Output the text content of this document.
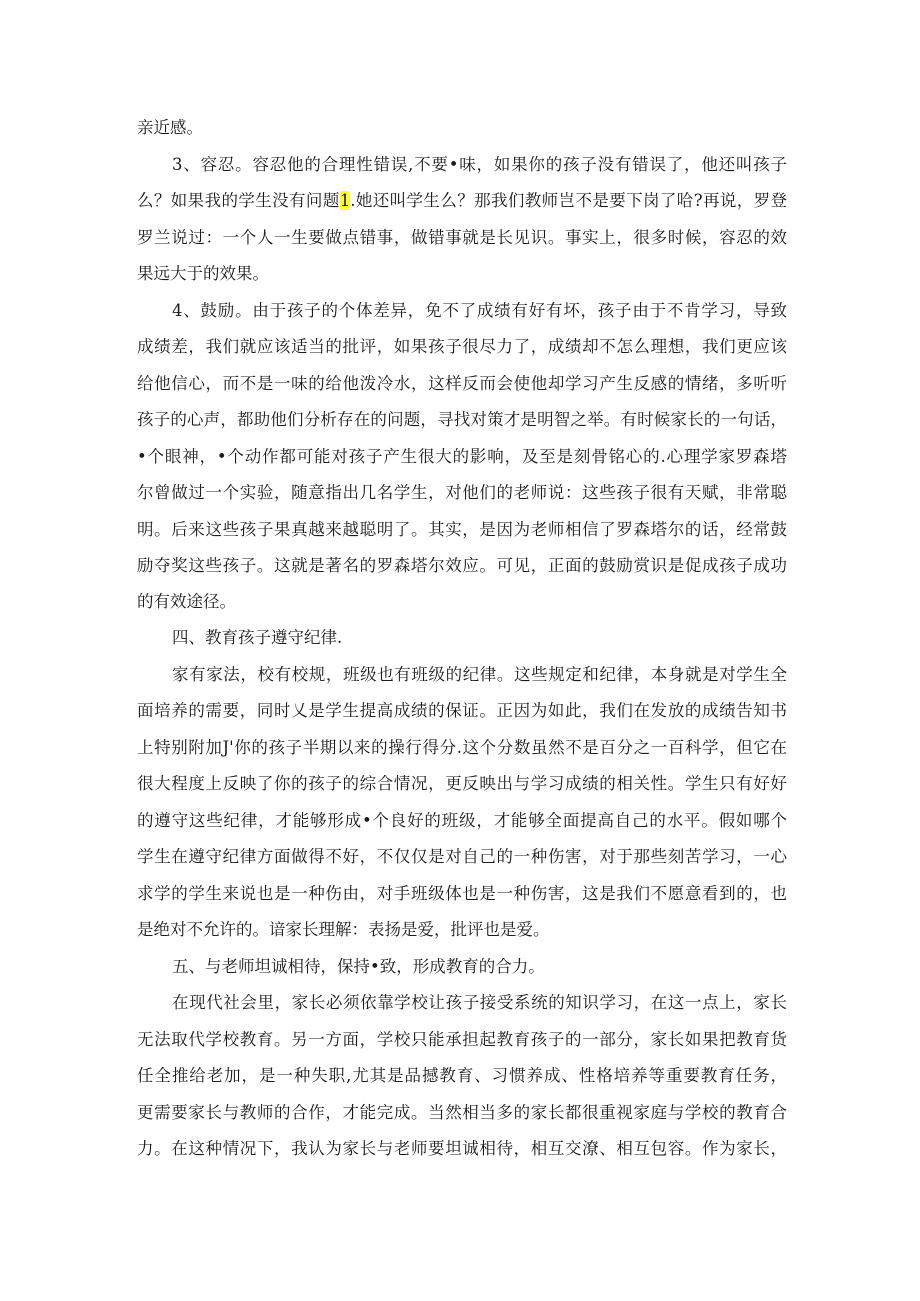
亲近感。
3、容忍。容忍他的合理性错误,不要•味，如果你的孩子没有错误了，他还叫孩子
么？如果我的学生没有问题1.她还叫学生么？那我们教师岂不是要下岗了哈?再说，罗登
罗兰说过：一个人一生要做点错事，做错事就是长见识。事实上，很多时候，容忍的效
果远大于的效果。
4、鼓励。由于孩子的个体差异，免不了成绩有好有坏，孩子由于不肯学习，导致
成绩差，我们就应该适当的批评，如果孩子很尽力了，成绩却不怎么理想，我们更应该
给他信心，而不是一味的给他泼冷水，这样反而会使他却学习产生反感的情绪，多听听
孩子的心声，都助他们分析存在的问题，寻找对策才是明智之举。有时候家长的一句话，
•个眼神，•个动作都可能对孩子产生很大的影响，及至是刻骨铭心的.心理学家罗森塔
尔曾做过一个实验，随意指出几名学生，对他们的老师说：这些孩子很有天赋，非常聪
明。后来这些孩子果真越来越聪明了。其实，是因为老师相信了罗森塔尔的话，经常鼓
励夺奖这些孩子。这就是著名的罗森塔尔效应。可见，正面的鼓励赏识是促成孩子成功
的有效途径。
四、教育孩子遵守纪律.
家有家法，校有校规，班级也有班级的纪律。这些规定和纪律，本身就是对学生全
面培养的需要，同时乂是学生提高成绩的保证。正因为如此，我们在发放的成绩告知书
上特别附加J'你的孩子半期以来的操行得分.这个分数虽然不是百分之一百科学，但它在
很大程度上反映了你的孩子的综合情况，更反映出与学习成绩的相关性。学生只有好好
的遵守这些纪律，才能够形成•个良好的班级，才能够全面提高自己的水平。假如哪个
学生在遵守纪律方面做得不好，不仅仅是对自己的一种伤害，对于那些刻苦学习，一心
求学的学生来说也是一种伤由，对手班级体也是一种伤害，这是我们不愿意看到的，也
是绝对不允许的。谙家长理解：表扬是爱，批评也是爱。
五、与老师坦诚相待，保持•致，形成教育的合力。
在现代社会里，家长必须依靠学校让孩子接受系统的知识学习，在这一点上，家长
无法取代学校教育。另一方面，学校只能承担起教育孩子的一部分，家长如果把教育货
任全推给老加，是一种失职,尤其是品撼教育、习惯养成、性格培养等重要教育任务，
更需要家长与教师的合作，才能完成。当然相当多的家长都很重视家庭与学校的教育合
力。在这种情况下，我认为家长与老师要坦诚相待，相互交潦、相互包容。作为家长，
